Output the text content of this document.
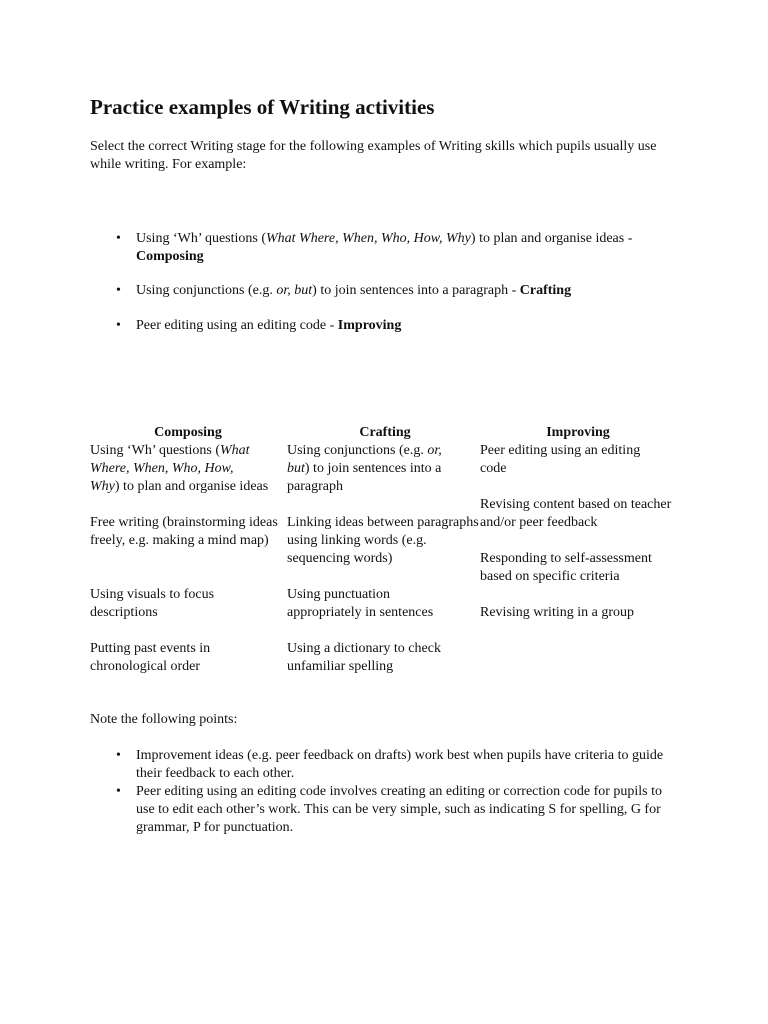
Practice examples of Writing activities

Select the correct Writing stage for the following examples of Writing skills which pupils usually use while writing. For example:

• Using ‘Wh’ questions (What Where, When, Who, How, Why) to plan and organise ideas - Composing
• Using conjunctions (e.g. or, but) to join sentences into a paragraph - Crafting
• Peer editing using an editing code - Improving

Composing

Using ‘Wh’ questions (What
Where, When, Who, How,
Why) to plan and organise ideas

Free writing (brainstorming ideas freely, e.g. making a mind map)

Using visuals to focus descriptions

Putting past events in chronological order

Crafting

Using conjunctions (e.g. or,
but) to join sentences into a paragraph

Linking ideas between paragraphs using linking words (e.g. sequencing words)

Using punctuation appropriately in sentences

Using a dictionary to check unfamiliar spelling

Improving

Peer editing using an editing code

Revising content based on teacher and/or peer feedback

Responding to self-assessment based on specific criteria

Revising writing in a group

Note the following points:

• Improvement ideas (e.g. peer feedback on drafts) work best when pupils have criteria to guide their feedback to each other.
• Peer editing using an editing code involves creating an editing or correction code for pupils to use to edit each other’s work. This can be very simple, such as indicating S for spelling, G for grammar, P for punctuation.
